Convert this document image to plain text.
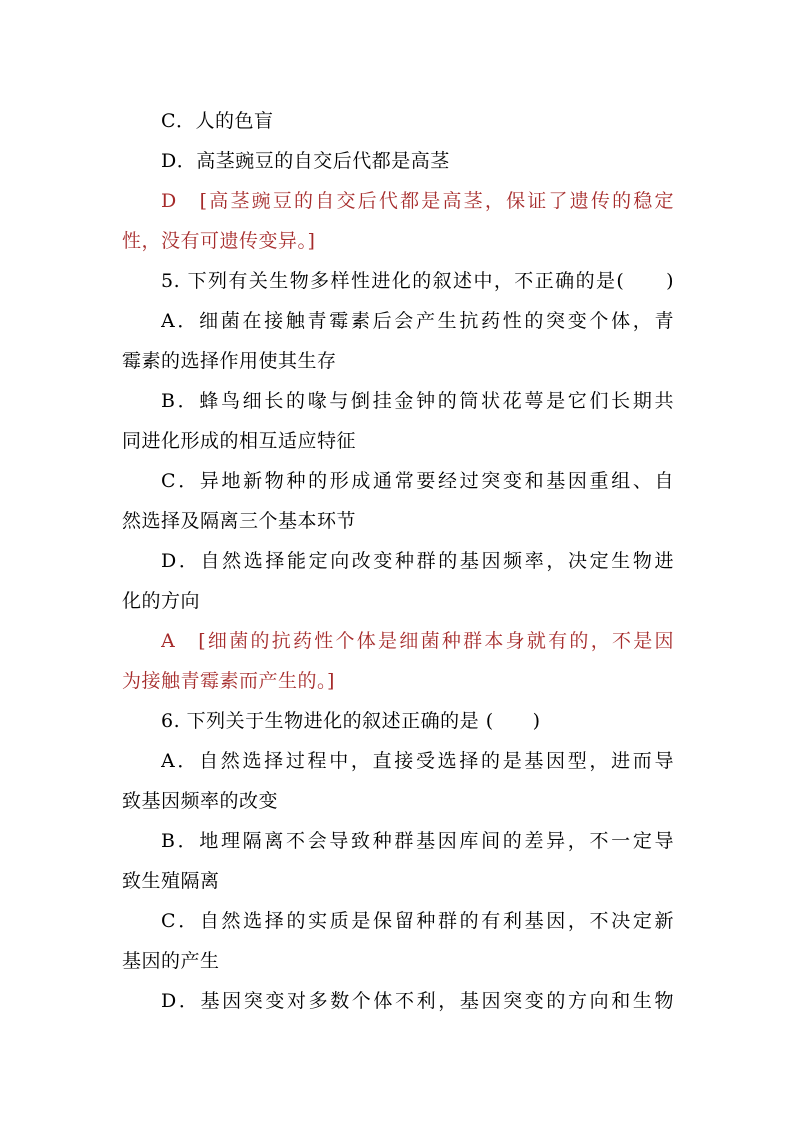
C．人的色盲
D．高茎豌豆的自交后代都是高茎
D　[高茎豌豆的自交后代都是高茎，保证了遗传的稳定
性，没有可遗传变异。]
5. 下列有关生物多样性进化的叙述中，不正确的是(　　)
A．细菌在接触青霉素后会产生抗药性的突变个体，青
霉素的选择作用使其生存
B．蜂鸟细长的喙与倒挂金钟的筒状花萼是它们长期共
同进化形成的相互适应特征
C．异地新物种的形成通常要经过突变和基因重组、自
然选择及隔离三个基本环节
D．自然选择能定向改变种群的基因频率，决定生物进
化的方向
A　[细菌的抗药性个体是细菌种群本身就有的，不是因
为接触青霉素而产生的。]
6. 下列关于生物进化的叙述正确的是 (　　)
A．自然选择过程中，直接受选择的是基因型，进而导
致基因频率的改变
B．地理隔离不会导致种群基因库间的差异，不一定导
致生殖隔离
C．自然选择的实质是保留种群的有利基因，不决定新
基因的产生
D．基因突变对多数个体不利，基因突变的方向和生物
